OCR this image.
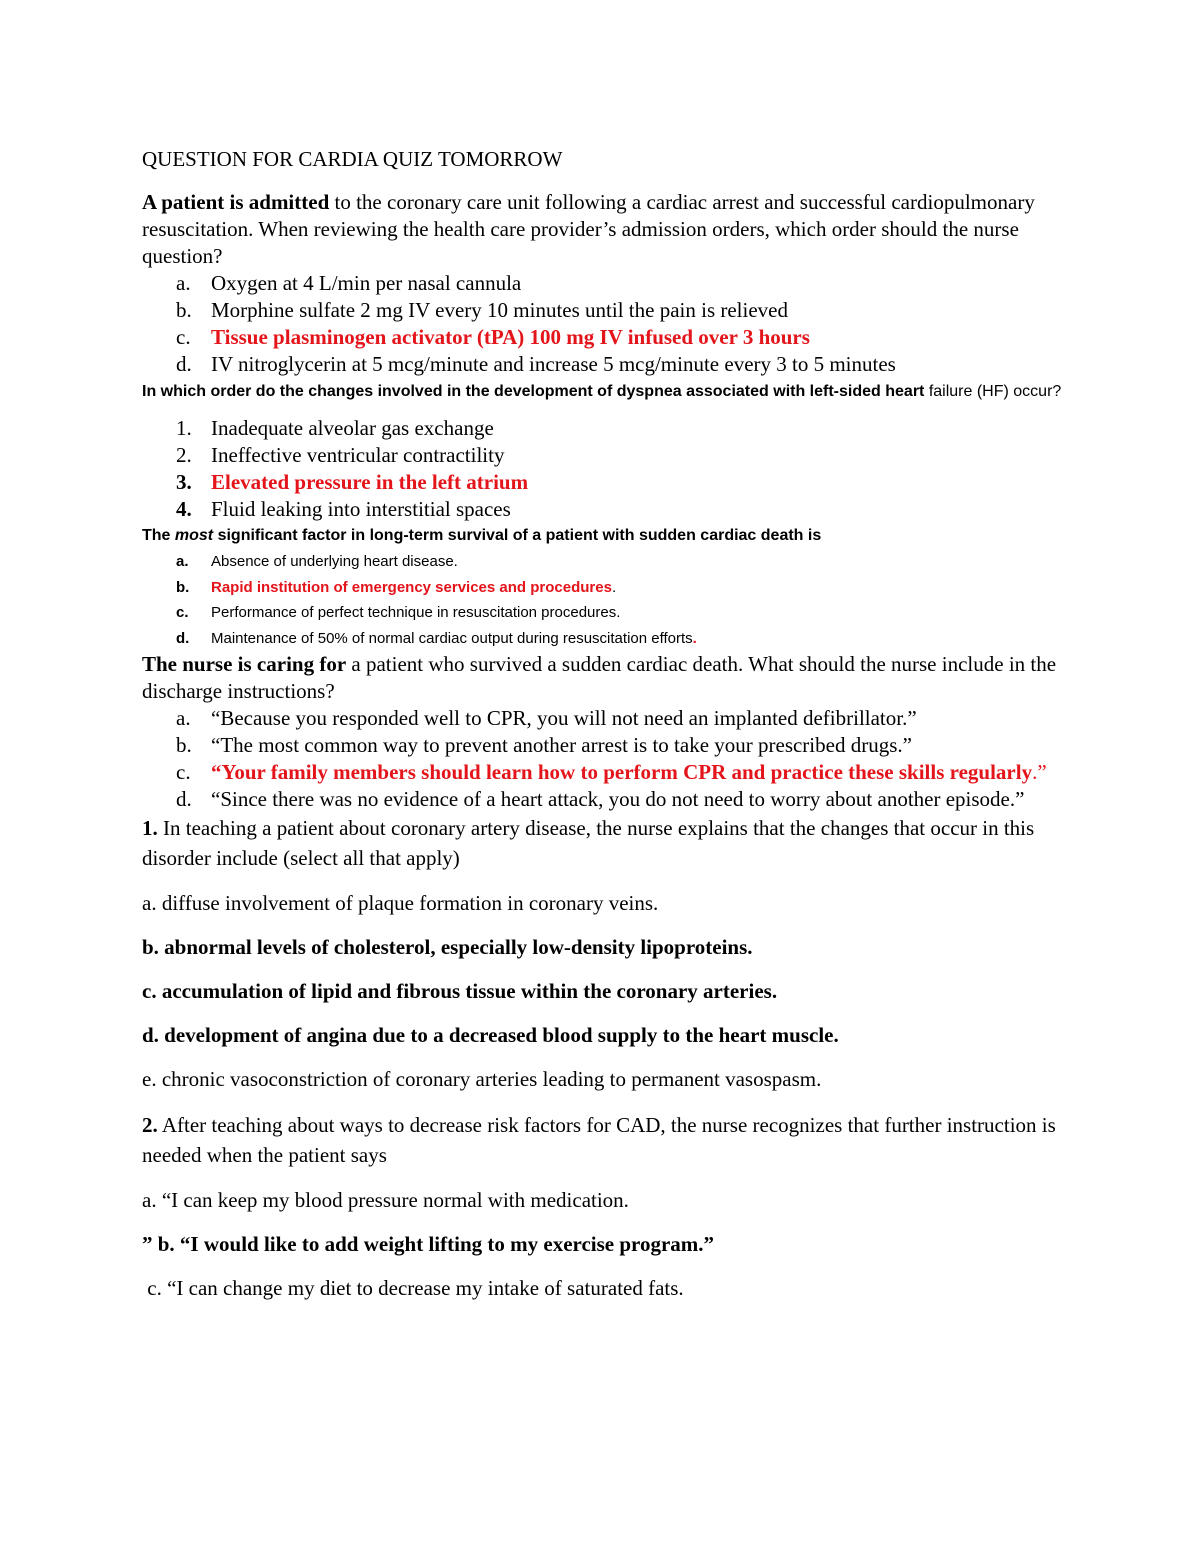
QUESTION FOR CARDIA QUIZ TOMORROW

A patient is admitted to the coronary care unit following a cardiac arrest and successful cardiopulmonary resuscitation. When reviewing the health care provider’s admission orders, which order should the nurse question?

a. Oxygen at 4 L/min per nasal cannula
b. Morphine sulfate 2 mg IV every 10 minutes until the pain is relieved
c. Tissue plasminogen activator (tPA) 100 mg IV infused over 3 hours
d. IV nitroglycerin at 5 mcg/minute and increase 5 mcg/minute every 3 to 5 minutes

In which order do the changes involved in the development of dyspnea associated with left-sided heart failure (HF) occur?

1. Inadequate alveolar gas exchange
2. Ineffective ventricular contractility
3. Elevated pressure in the left atrium
4. Fluid leaking into interstitial spaces

The most significant factor in long-term survival of a patient with sudden cardiac death is

a.	Absence of underlying heart disease.
b.	Rapid institution of emergency services and procedures.
c.	Performance of perfect technique in resuscitation procedures.
d.	Maintenance of 50% of normal cardiac output during resuscitation efforts.

The nurse is caring for a patient who survived a sudden cardiac death. What should the nurse include in the discharge instructions?

a. “Because you responded well to CPR, you will not need an implanted defibrillator.”
b. “The most common way to prevent another arrest is to take your prescribed drugs.”
c. “Your family members should learn how to perform CPR and practice these skills regularly.”
d. “Since there was no evidence of a heart attack, you do not need to worry about another episode.”

1. In teaching a patient about coronary artery disease, the nurse explains that the changes that occur in this disorder include (select all that apply)

a. diffuse involvement of plaque formation in coronary veins.

b. abnormal levels of cholesterol, especially low-density lipoproteins.

c. accumulation of lipid and fibrous tissue within the coronary arteries.

d. development of angina due to a decreased blood supply to the heart muscle.

e. chronic vasoconstriction of coronary arteries leading to permanent vasospasm.

2. After teaching about ways to decrease risk factors for CAD, the nurse recognizes that further instruction is needed when the patient says

a. “I can keep my blood pressure normal with medication.

” b. “I would like to add weight lifting to my exercise program.”

c. “I can change my diet to decrease my intake of saturated fats.
